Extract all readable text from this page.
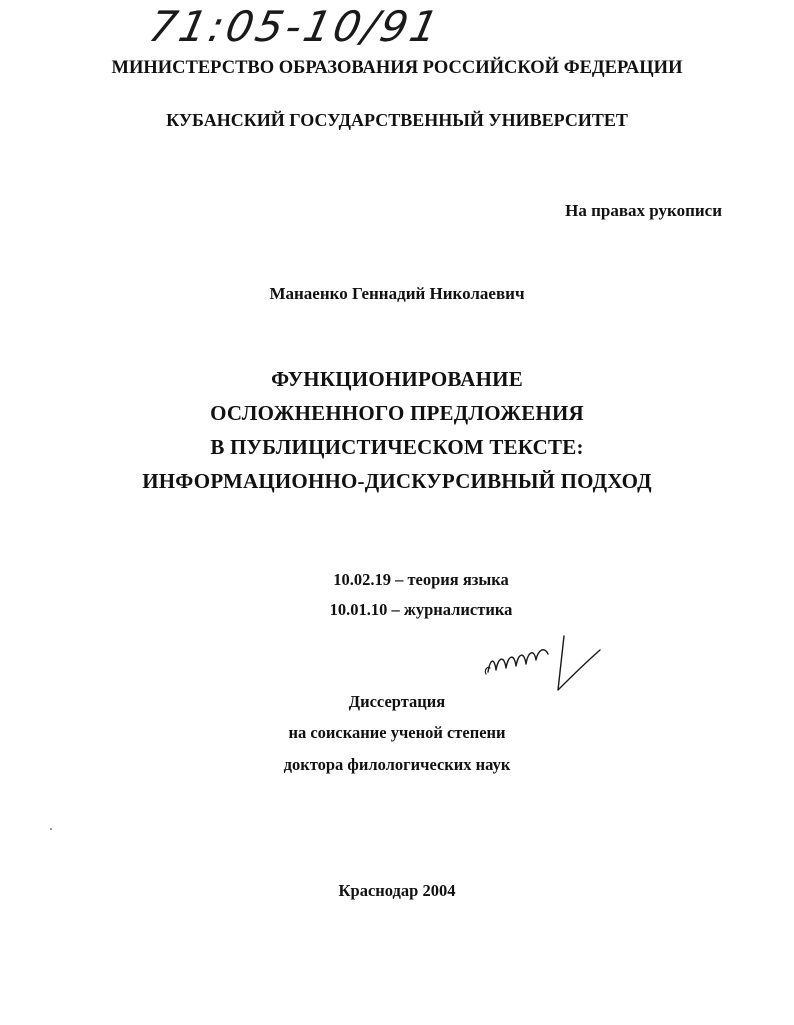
71:05-10/91
МИНИСТЕРСТВО ОБРАЗОВАНИЯ РОССИЙСКОЙ ФЕДЕРАЦИИ
КУБАНСКИЙ ГОСУДАРСТВЕННЫЙ УНИВЕРСИТЕТ
На правах рукописи
Манаенко Геннадий Николаевич
ФУНКЦИОНИРОВАНИЕ
ОСЛОЖНЕННОГО ПРЕДЛОЖЕНИЯ
В ПУБЛИЦИСТИЧЕСКОМ ТЕКСТЕ:
ИНФОРМАЦИОННО-ДИСКУРСИВНЫЙ ПОДХОД
10.02.19 – теория языка
10.01.10 – журналистика
Диссертация
на соискание ученой степени
доктора филологических наук
Краснодар 2004
